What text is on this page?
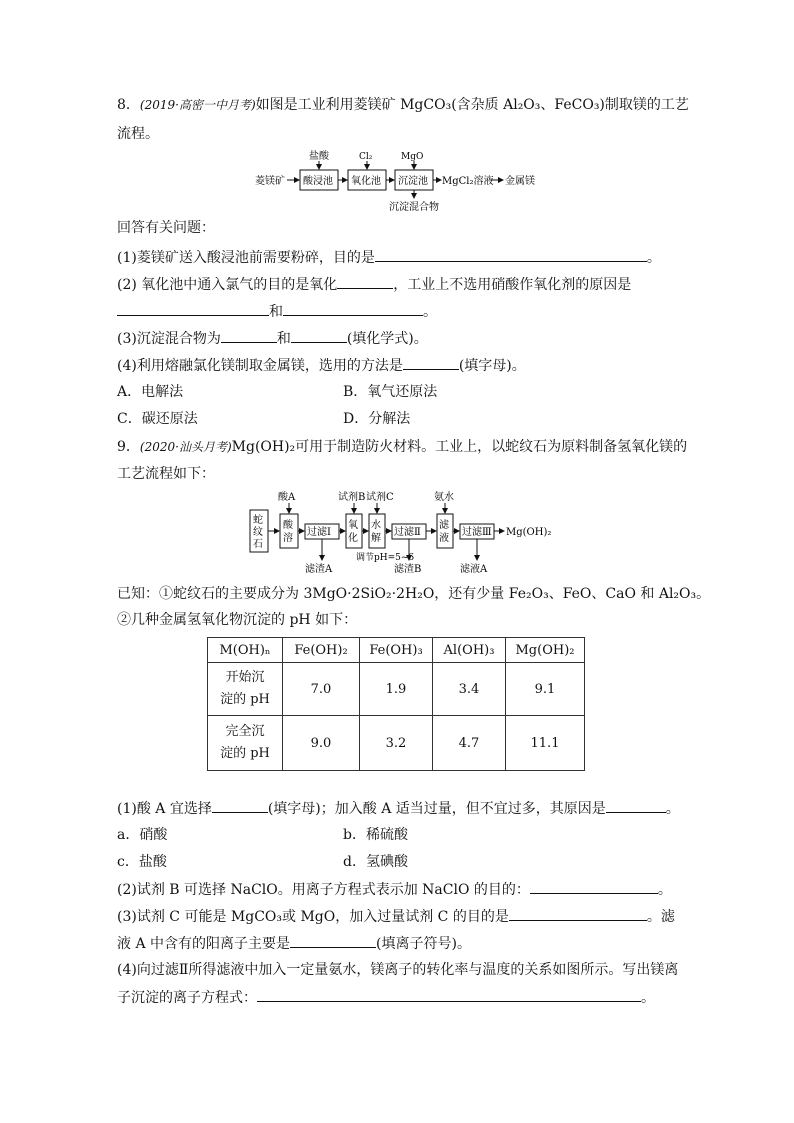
8．(2019·高密一中月考)如图是工业利用菱镁矿 MgCO₃(含杂质 Al₂O₃、FeCO₃)制取镁的工艺
流程。
菱镁矿 酸浸池
盐酸
氧化池
Cl₂
沉淀池
MgO
沉淀混合物
MgCl₂溶液 金属镁
回答有关问题：
(1)菱镁矿送入酸浸池前需要粉碎，目的是	。
(2) 氧化池中通入氯气的目的是氧化	，工业上不选用硝酸作氧化剂的原因是
和	。
(3)沉淀混合物为	和	(填化学式)。
(4)利用熔融氯化镁制取金属镁，选用的方法是	(填字母)。
A．电解法	B．氧气还原法
C．碳还原法	D．分解法
9．(2020·汕头月考)Mg(OH)₂可用于制造防火材料。工业上，以蛇纹石为原料制备氢氧化镁的
工艺流程如下：
蛇
纹
石
酸
溶
酸A
过滤Ⅰ
滤渣A
氧
化
试剂B
水
解
试剂C
调节pH=5~6
过滤Ⅱ
滤渣B
滤
液
氨水
过滤Ⅲ
滤液A
Mg(OH)₂
已知：①蛇纹石的主要成分为 3MgO·2SiO₂·2H₂O，还有少量 Fe₂O₃、FeO、CaO 和 Al₂O₃。
②几种金属氢氧化物沉淀的 pH 如下：
M(OH)ₙ	Fe(OH)₂	Fe(OH)₃	Al(OH)₃	Mg(OH)₂

开始沉
淀的 pH	7.0	1.9	3.4	9.1

完全沉
淀的 pH	9.0	3.2	4.7	11.1
(1)酸 A 宜选择	(填字母)；加入酸 A 适当过量，但不宜过多，其原因是	。
a．硝酸	b．稀硫酸
c．盐酸	d．氢碘酸
(2)试剂 B 可选择 NaClO。用离子方程式表示加 NaClO 的目的：	。
(3)试剂 C 可能是 MgCO₃或 MgO，加入过量试剂 C 的目的是	。滤
液 A 中含有的阳离子主要是	(填离子符号)。
(4)向过滤Ⅱ所得滤液中加入一定量氨水，镁离子的转化率与温度的关系如图所示。写出镁离
子沉淀的离子方程式：	。
